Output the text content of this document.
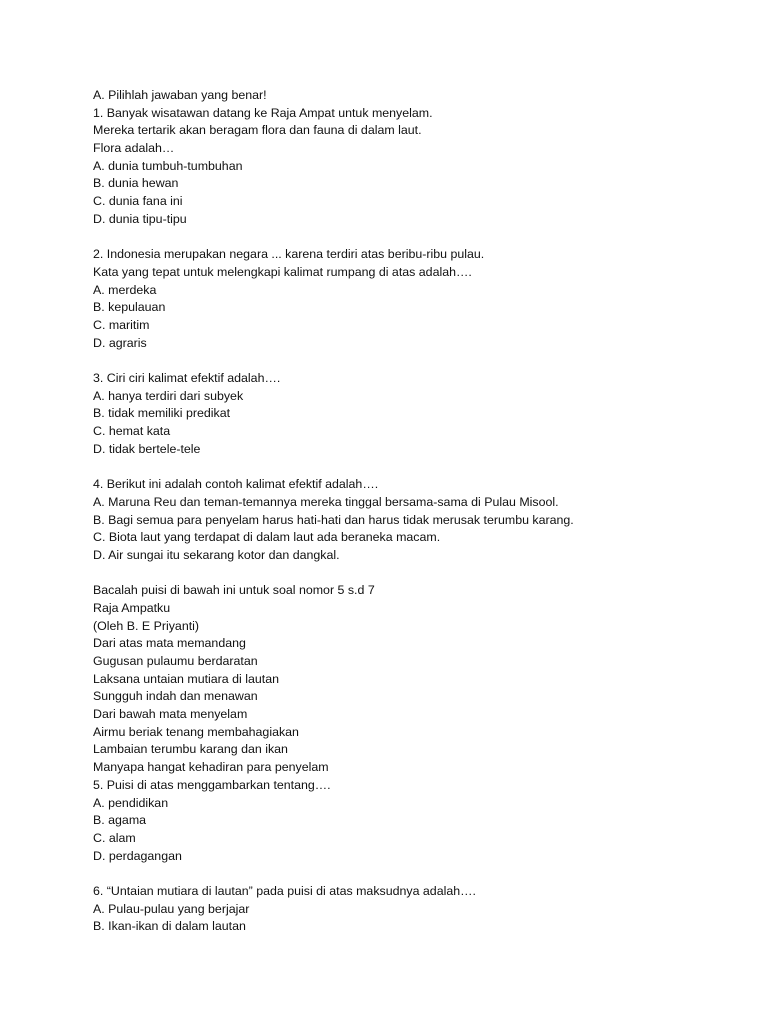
A. Pilihlah jawaban yang benar!
1. Banyak wisatawan datang ke Raja Ampat untuk menyelam.
Mereka tertarik akan beragam flora dan fauna di dalam laut.
Flora adalah…
A. dunia tumbuh-tumbuhan
B. dunia hewan
C. dunia fana ini
D. dunia tipu-tipu
2. Indonesia merupakan negara ... karena terdiri atas beribu-ribu pulau.
Kata yang tepat untuk melengkapi kalimat rumpang di atas adalah….
A. merdeka
B. kepulauan
C. maritim
D. agraris
3. Ciri ciri kalimat efektif adalah….
A. hanya terdiri dari subyek
B. tidak memiliki predikat
C. hemat kata
D. tidak bertele-tele
4. Berikut ini adalah contoh kalimat efektif adalah….
A. Maruna Reu dan teman-temannya mereka tinggal bersama-sama di Pulau Misool.
B. Bagi semua para penyelam harus hati-hati dan harus tidak merusak terumbu karang.
C. Biota laut yang terdapat di dalam laut ada beraneka macam.
D. Air sungai itu sekarang kotor dan dangkal.
Bacalah puisi di bawah ini untuk soal nomor 5 s.d 7
Raja Ampatku
(Oleh B. E Priyanti)
Dari atas mata memandang
Gugusan pulaumu berdaratan
Laksana untaian mutiara di lautan
Sungguh indah dan menawan
Dari bawah mata menyelam
Airmu beriak tenang membahagiakan
Lambaian terumbu karang dan ikan
Manyapa hangat kehadiran para penyelam
5. Puisi di atas menggambarkan tentang….
A. pendidikan
B. agama
C. alam
D. perdagangan
6. “Untaian mutiara di lautan” pada puisi di atas maksudnya adalah….
A. Pulau-pulau yang berjajar
B. Ikan-ikan di dalam lautan
